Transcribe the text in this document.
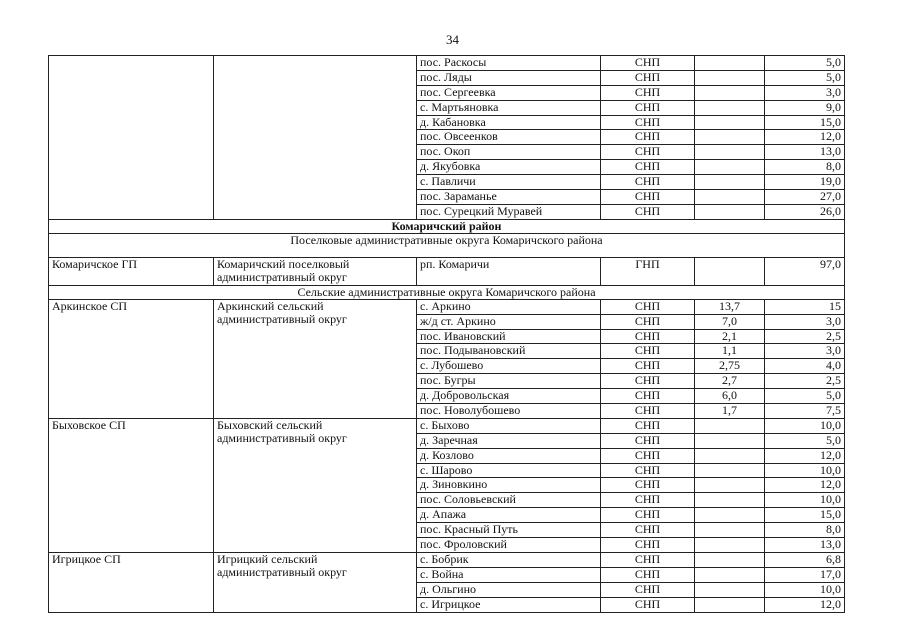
34
		пос. Раскосы	СНП		5,0
		пос. Ляды	СНП		5,0
		пос. Сергеевка	СНП		3,0
		с. Мартьяновка	СНП		9,0
		д. Кабановка	СНП		15,0
		пос. Овсеенков	СНП		12,0
		пос. Окоп	СНП		13,0
		д. Якубовка	СНП		8,0
		с. Павличи	СНП		19,0
		пос. Зараманье	СНП		27,0
		пос. Сурецкий Муравей	СНП		26,0
Комаричский район					
Поселковые административные округа Комаричского района					
Комаричское ГП	Комаричский поселковый административный округ	рп. Комаричи	ГНП		97,0
Сельские административные округа Комаричского района					
Аркинское СП	Аркинский сельский административный округ	с. Аркино	СНП	13,7	15
		ж/д ст. Аркино	СНП	7,0	3,0
		пос. Ивановский	СНП	2,1	2,5
		пос. Подывановский	СНП	1,1	3,0
		с. Лубошево	СНП	2,75	4,0
		пос. Бугры	СНП	2,7	2,5
		д. Добровольская	СНП	6,0	5,0
		пос. Новолубошево	СНП	1,7	7,5
Быховское СП	Быховский сельский административный округ	с. Быхово	СНП		10,0
		д. Заречная	СНП		5,0
		д. Козлово	СНП		12,0
		с. Шарово	СНП		10,0
		д. Зиновкино	СНП		12,0
		пос. Соловьевский	СНП		10,0
		д. Апажа	СНП		15,0
		пос. Красный Путь	СНП		8,0
		пос. Фроловский	СНП		13,0
Игрицкое СП	Игрицкий сельский административный округ	с. Бобрик	СНП		6,8
		с. Война	СНП		17,0
		д. Ольгино	СНП		10,0
		с. Игрицкое	СНП		12,0
